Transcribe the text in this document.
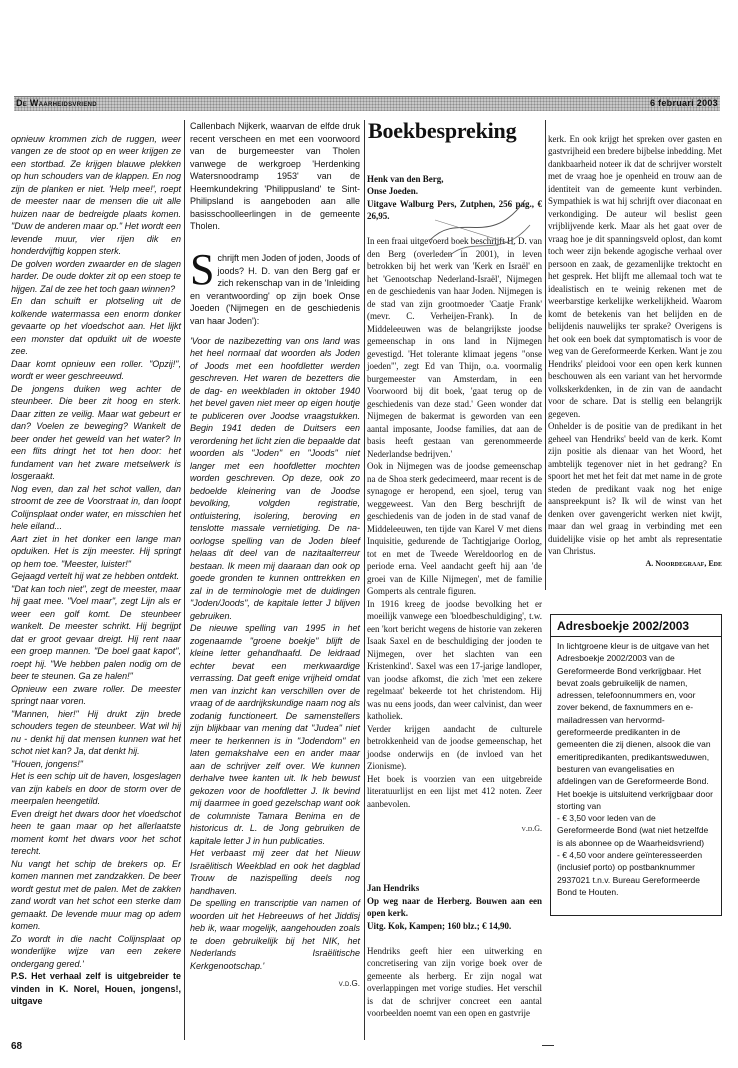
De Waarheidsvriend	6 februari 2003

opnieuw krommen zich de ruggen, weer vangen ze de stoot op en weer krijgen ze een stortbad. Ze krijgen blauwe plekken op hun schouders van de klappen. En nog zijn de planken er niet. 'Help mee!', roept de meester naar de mensen die uit alle huizen naar de bedreigde plaats komen. "Duw de anderen maar op." Het wordt een levende muur, vier rijen dik en honderdvijftig koppen sterk.
De golven worden zwaarder en de slagen harder. De oude dokter zit op een stoep te hijgen. Zal de zee het toch gaan winnen?
En dan schuift er plotseling uit de kolkende watermassa een enorm donker gevaarte op het vloedschot aan. Het lijkt een monster dat opduikt uit de woeste zee.
Daar komt opnieuw een roller. "Opzij!", wordt er weer geschreeuwd.
De jongens duiken weg achter de steunbeer. Die beer zit hoog en sterk. Daar zitten ze veilig. Maar wat gebeurt er dan? Voelen ze beweging? Wankelt de beer onder het geweld van het water? In een flits dringt het tot hen door: het fundament van het zware metselwerk is losgeraakt.
Nog even, dan zal het schot vallen, dan stroomt de zee de Voorstraat in, dan loopt Colijnsplaat onder water, en misschien het hele eiland...
Aart ziet in het donker een lange man opduiken. Het is zijn meester. Hij springt op hem toe. "Meester, luister!"
Gejaagd vertelt hij wat ze hebben ontdekt.
"Dat kan toch niet", zegt de meester, maar hij gaat mee. "Voel maar", zegt Lijn als er weer een golf komt. De steunbeer wankelt. De meester schrikt. Hij begrijpt dat er groot gevaar dreigt. Hij rent naar een groep mannen. "De boel gaat kapot", roept hij. "We hebben palen nodig om de beer te steunen. Ga ze halen!"
Opnieuw een zware roller. De meester springt naar voren.
"Mannen, hier!" Hij drukt zijn brede schouders tegen de steunbeer. Wat wil hij nu - denkt hij dat mensen kunnen wat het schot niet kan? Ja, dat denkt hij.
"Houen, jongens!"
Het is een schip uit de haven, losgeslagen van zijn kabels en door de storm over de meerpalen heengetild.
Even dreigt het dwars door het vloedschot heen te gaan maar op het allerlaatste moment komt het dwars voor het schot terecht.
Nu vangt het schip de brekers op. Er komen mannen met zandzakken. De beer wordt gestut met de palen. Met de zakken zand wordt van het schot een sterke dam gemaakt. De levende muur mag op adem komen.
Zo wordt in die nacht Colijnsplaat op wonderlijke wijze van een zekere ondergang gered.'

P.S. Het verhaal zelf is uitgebreider te vinden in K. Norel, Houen, jongens!, uitgave

68
Callenbach Nijkerk, waarvan de elfde druk recent verscheen en met een voorwoord van de burgemeester van Tholen vanwege de werkgroep 'Herdenking Watersnoodramp 1953' van de Heemkundekring 'Philippusland' te Sint-Philipsland is aangeboden aan alle basisschoolleerlingen in de gemeente Tholen.
S chrijft men Joden of joden, Joods of joods? H. D. van den Berg gaf er zich rekenschap van in de 'Inleiding en verantwoording' op zijn boek Onse Joeden ('Nijmegen en de geschiedenis van haar Joden'):

'Voor de nazibezetting van ons land was het heel normaal dat woorden als Joden of Joods met een hoofdletter werden geschreven. Het waren de bezetters die de dag- en weekbladen in oktober 1940 het bevel gaven niet meer op eigen houtje te publiceren over Joodse vraagstukken. Begin 1941 deden de Duitsers een verordening het licht zien die bepaalde dat woorden als "Joden" en "Joods" niet langer met een hoofdletter mochten worden geschreven. Op deze, ook zo bedoelde kleinering van de Joodse bevolking, volgden registratie, ontluistering, isolering, beroving en tenslotte massale vernietiging. De na-oorlogse spelling van de Joden bleef helaas dit deel van de nazitaalterreur bestaan. Ik meen mij daaraan dan ook op goede gronden te kunnen onttrekken en zal in de terminologie met de duidingen "Joden/Joods", de kapitale letter J blijven gebruiken.
De nieuwe spelling van 1995 in het zogenaamde "groene boekje" blijft de kleine letter gehandhaafd. De leidraad echter bevat een merkwaardige verrassing. Dat geeft enige vrijheid omdat men van inzicht kan verschillen over de vraag of de aardrijkskundige naam nog als zodanig functioneert. De samenstellers zijn blijkbaar van mening dat "Judea" niet meer te herkennen is in "Jodendom" en laten gemakshalve een en ander maar aan de schrijver zelf over. We kunnen derhalve twee kanten uit. Ik heb bewust gekozen voor de hoofdletter J. Ik bevind mij daarmee in goed gezelschap want ook de columniste Tamara Benima en de historicus dr. L. de Jong gebruiken de kapitale letter J in hun publicaties.
Het verbaast mij zeer dat het Nieuw Israëlitisch Weekblad en ook het dagblad Trouw de nazispelling deels nog handhaven.
De spelling en transcriptie van namen of woorden uit het Hebreeuws of het Jiddisj heb ik, waar mogelijk, aangehouden zoals te doen gebruikelijk bij het NIK, het Nederlands Israëlitische Kerkgenootschap.'

v.d.G.

Boekbespreking

Henk van den Berg,
Onse Joeden.
Uitgave Walburg Pers, Zutphen, 256 pag., € 26,95.

In een fraai uitgevoerd boek beschrijft H. D. van den Berg (overleden in 2001), in leven betrokken bij het werk van 'Kerk en Israël' en het 'Genootschap Nederland-Israël', Nijmegen en de geschiedenis van haar Joden. Nijmegen is de stad van zijn grootmoeder 'Caatje Frank' (mevr. C. Verheijen-Frank). In de Middeleeuwen was de belangrijkste joodse gemeenschap in ons land in Nijmegen gevestigd. 'Het tolerante klimaat jegens "onse joeden"', zegt Ed van Thijn, o.a. voormalig burgemeester van Amsterdam, in een Voorwoord bij dit boek, 'gaat terug op de geschiedenis van deze stad.' Geen wonder dat Nijmegen de bakermat is geworden van een aantal imposante, Joodse families, dat aan de basis heeft gestaan van gerenommeerde Nederlandse bedrijven.'
Ook in Nijmegen was de joodse gemeenschap na de Shoa sterk gedecimeerd, maar recent is de synagoge er heropend, een sjoel, terug van weggeweest. Van den Berg beschrijft de geschiedenis van de joden in de stad vanaf de Middeleeuwen, ten tijde van Karel V met diens Inquisitie, gedurende de Tachtigjarige Oorlog, tot en met de Tweede Wereldoorlog en de periode erna. Veel aandacht geeft hij aan 'de groei van de Kille Nijmegen', met de familie Gomperts als centrale figuren.
In 1916 kreeg de joodse bevolking het er moeilijk vanwege een 'bloedbeschuldiging', t.w. een 'kort bericht wegens de historie van zekeren Isaak Saxel en de beschuldiging der jooden te Nijmegen, over het slachten van een Kristenkind'. Saxel was een 17-jarige landloper, van joodse afkomst, die zich 'met een zekere regelmaat' bekeerde tot het christendom. Hij was nu eens joods, dan weer calvinist, dan weer katholiek.
Verder krijgen aandacht de culturele betrokkenheid van de joodse gemeenschap, het joodse onderwijs en (de invloed van het Zionisme).
Het boek is voorzien van een uitgebreide literatuurlijst en een lijst met 412 noten. Zeer aanbevolen.

v.d.G.

Jan Hendriks
Op weg naar de Herberg. Bouwen aan een open kerk.
Uitg. Kok, Kampen; 160 blz.; € 14,90.

Hendriks geeft hier een uitwerking en concretisering van zijn vorige boek over de gemeente als herberg. Er zijn nogal wat overlappingen met vorige studies. Het verschil is dat de schrijver concreet een aantal voorbeelden noemt van een open en gastvrije

kerk. En ook krijgt het spreken over gasten en gastvrijheid een bredere bijbelse inbedding. Met dankbaarheid noteer ik dat de schrijver worstelt met de vraag hoe je openheid en trouw aan de identiteit van de gemeente kunt verbinden. Sympathiek is wat hij schrijft over diaconaat en verkondiging. De auteur wil beslist geen vrijblijvende kerk. Maar als het gaat over de vraag hoe je dit spanningsveld oplost, dan komt toch weer zijn bekende agogische verhaal over persoon en zaak, de gezamenlijke trektocht en het gesprek. Het blijft me allemaal toch wat te idealistisch en te weinig rekenen met de weerbarstige kerkelijke werkelijkheid. Waarom komt de betekenis van het belijden en de belijdenis nauwelijks ter sprake? Overigens is het ook een boek dat symptomatisch is voor de weg van de Gereformeerde Kerken. Want je zou Hendriks' pleidooi voor een open kerk kunnen beschouwen als een variant van het hervormde volkskerkdenken, in de zin van de aandacht voor de schare. Dat is stellig een belangrijk gegeven.
Onhelder is de positie van de predikant in het geheel van Hendriks' beeld van de kerk. Komt zijn positie als dienaar van het Woord, het ambtelijk tegenover niet in het gedrang? En spoort het met het feit dat met name in de grote steden de predikant vaak nog het enige aanspreekpunt is? Ik wil de winst van het denken over gavengericht werken niet kwijt, maar dan wel graag in verbinding met een duidelijke visie op het ambt als representatie van Christus.

A. Noordegraaf, Ede

Adresboekje 2002/2003
In lichtgroene kleur is de uitgave van het Adresboekje 2002/2003 van de Gereformeerde Bond verkrijgbaar. Het bevat zoals gebruikelijk de namen, adressen, telefoonnummers en, voor zover bekend, de faxnummers en e-mailadressen van hervormd-gereformeerde predikanten in de gemeenten die zij dienen, alsook die van emeritipredikanten, predikantsweduwen, besturen van evangelisaties en afdelingen van de Gereformeerde Bond. Het boekje is uitsluitend verkrijgbaar door storting van
- € 3,50 voor leden van de Gereformeerde Bond (wat niet hetzelfde is als abonnee op de Waarheidsvriend)
- € 4,50 voor andere geïnteresseerden (inclusief porto) op postbanknummer 2937021 t.n.v. Bureau Gereformeerde Bond te Houten.
